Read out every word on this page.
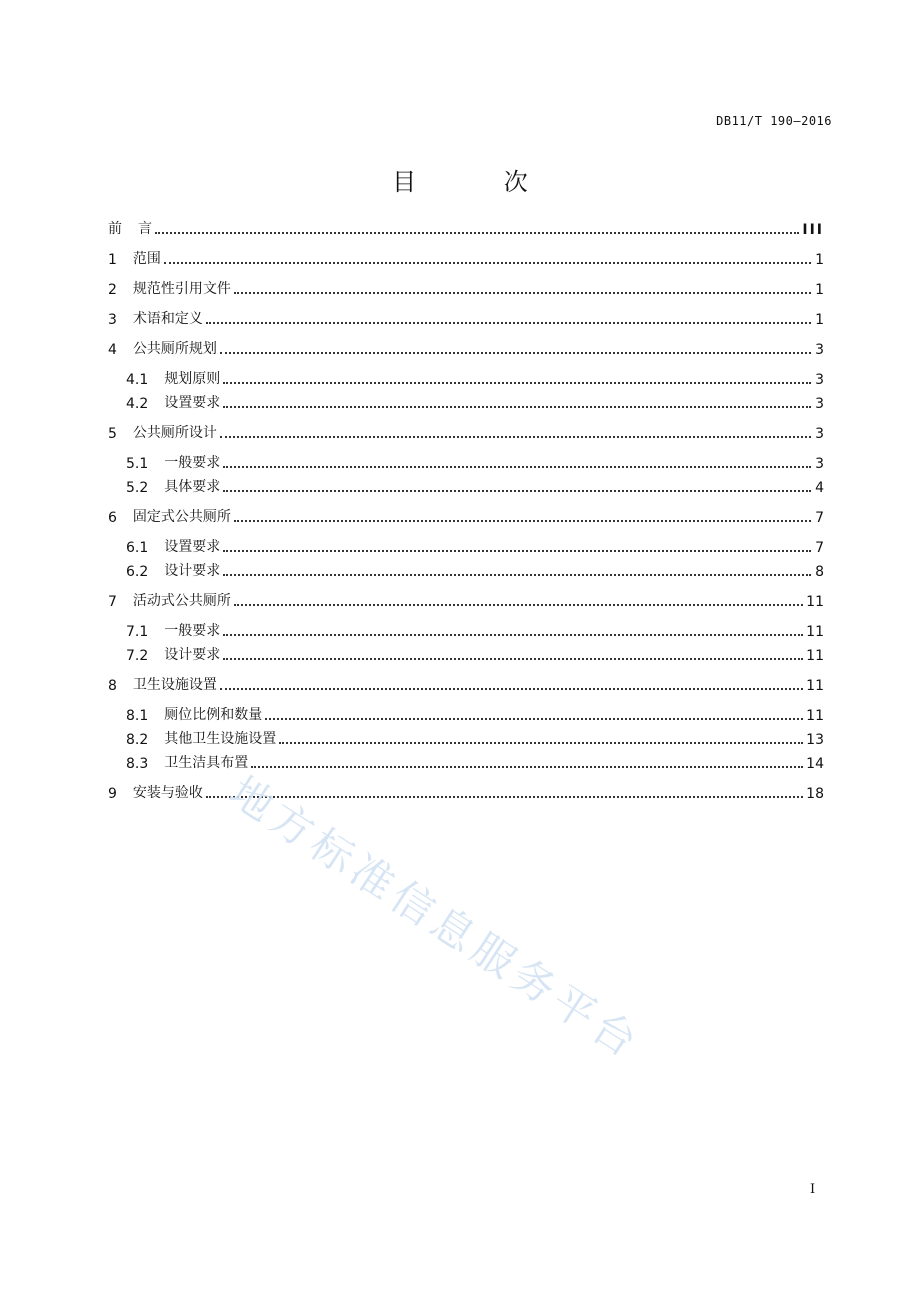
DB11/T 190—2016
目 次
前 言	III
1 范围	1
2 规范性引用文件	1
3 术语和定义	1
4 公共厕所规划	3
4.1 规划原则	3
4.2 设置要求	3
5 公共厕所设计	3
5.1 一般要求	3
5.2 具体要求	4
6 固定式公共厕所	7
6.1 设置要求	7
6.2 设计要求	8
7 活动式公共厕所	11
7.1 一般要求	11
7.2 设计要求	11
8 卫生设施设置	11
8.1 厕位比例和数量	11
8.2 其他卫生设施设置	13
8.3 卫生洁具布置	14
9 安装与验收	18
地方标准信息服务平台
I
